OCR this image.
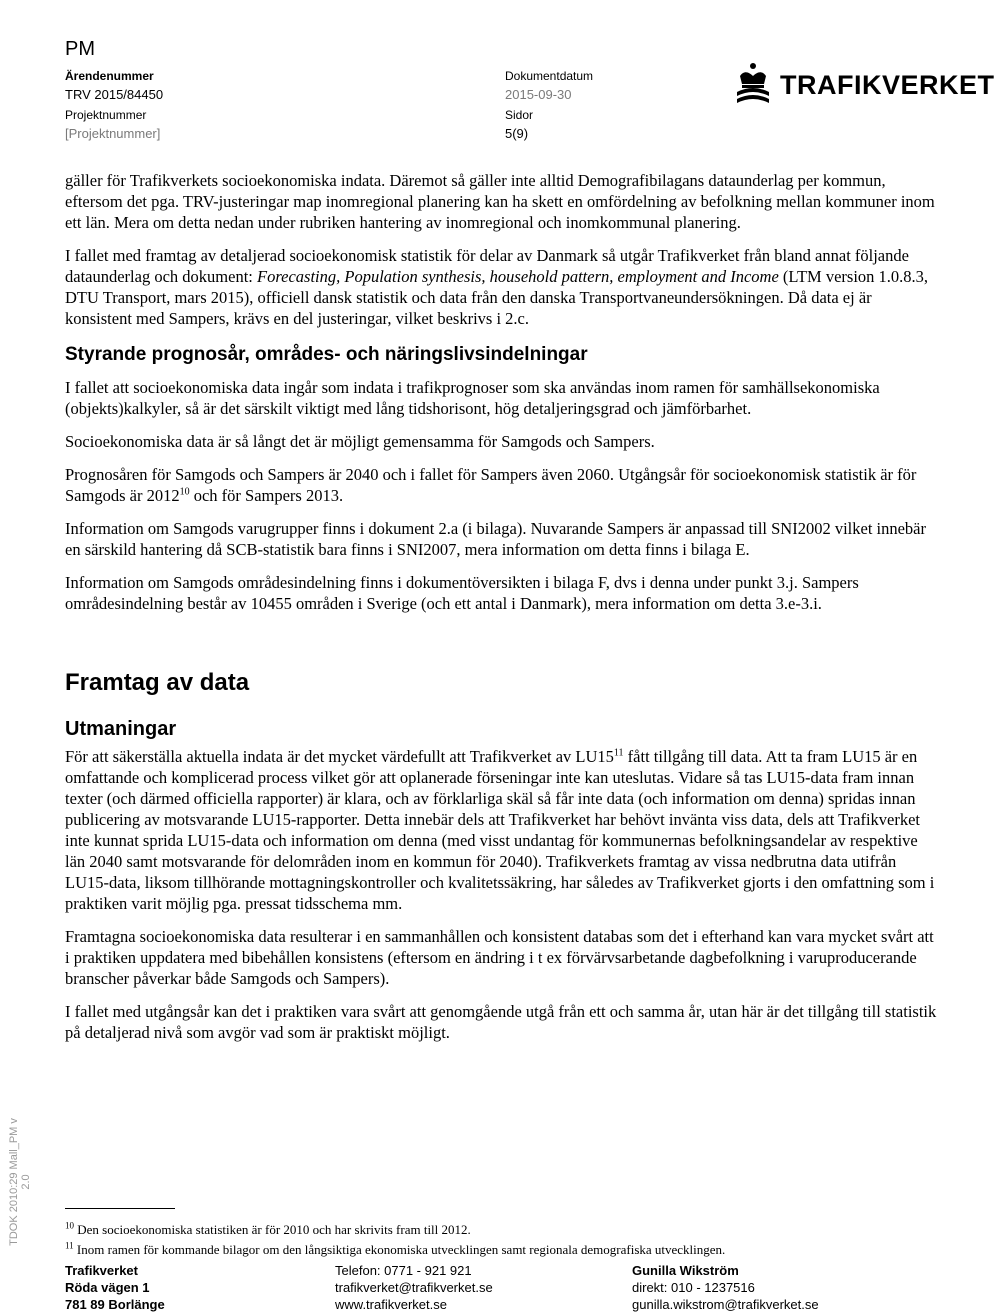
PM
Ärendenummer
TRV 2015/84450
Projektnummer
[Projektnummer]
Dokumentdatum
2015-09-30
Sidor
5(9)
TRAFIKVERKET

gäller för Trafikverkets socioekonomiska indata. Däremot så gäller inte alltid Demografibilagans dataunderlag per kommun, eftersom det pga. TRV-justeringar map inomregional planering kan ha skett en omfördelning av befolkning mellan kommuner inom ett län. Mera om detta nedan under rubriken hantering av inomregional och inomkommunal planering.

I fallet med framtag av detaljerad socioekonomisk statistik för delar av Danmark så utgår Trafikverket från bland annat följande dataunderlag och dokument: Forecasting, Population synthesis, household pattern, employment and Income (LTM version 1.0.8.3, DTU Transport, mars 2015), officiell dansk statistik och data från den danska Transportvaneundersökningen. Då data ej är konsistent med Sampers, krävs en del justeringar, vilket beskrivs i 2.c.

Styrande prognosår, områdes- och näringslivsindelningar

I fallet att socioekonomiska data ingår som indata i trafikprognoser som ska användas inom ramen för samhällsekonomiska (objekts)kalkyler, så är det särskilt viktigt med lång tidshorisont, hög detaljeringsgrad och jämförbarhet.

Socioekonomiska data är så långt det är möjligt gemensamma för Samgods och Sampers.

Prognosåren för Samgods och Sampers är 2040 och i fallet för Sampers även 2060. Utgångsår för socioekonomisk statistik är för Samgods är 2012$^{10}$ och för Sampers 2013.

Information om Samgods varugrupper finns i dokument 2.a (i bilaga). Nuvarande Sampers är anpassad till SNI2002 vilket innebär en särskild hantering då SCB-statistik bara finns i SNI2007, mera information om detta finns i bilaga E.

Information om Samgods områdesindelning finns i dokumentöversikten i bilaga F, dvs i denna under punkt 3.j. Sampers områdesindelning består av 10455 områden i Sverige (och ett antal i Danmark), mera information om detta 3.e-3.i.

Framtag av data
Utmaningar

För att säkerställa aktuella indata är det mycket värdefullt att Trafikverket av $LU15^{11}$ fått tillgång till data. Att ta fram LU15 är en omfattande och komplicerad process vilket gör att oplanerade förseningar inte kan uteslutas. Vidare så tas LU15-data fram innan texter (och därmed officiella rapporter) är klara, och av förklarliga skäl så får inte data (och information om denna) spridas innan publicering av motsvarande LU15-rapporter. Detta innebär dels att Trafikverket har behövt invänta viss data, dels att Trafikverket inte kunnat sprida LU15-data och information om denna (med visst undantag för kommunernas befolkningsandelar av respektive län 2040 samt motsvarande för delområden inom en kommun för 2040). Trafikverkets framtag av vissa nedbrutna data utifrån LU15-data, liksom tillhörande mottagningskontroller och kvalitetssäkring, har således av Trafikverket gjorts i den omfattning som i praktiken varit möjlig pga. pressat tidsschema mm.

Framtagna socioekonomiska data resulterar i en sammanhållen och konsistent databas som det i efterhand kan vara mycket svårt att i praktiken uppdatera med bibehållen konsistens (eftersom en ändring i t ex förvärvsarbetande dagbefolkning i varuproducerande branscher påverkar både Samgods och Sampers).

I fallet med utgångsår kan det i praktiken vara svårt att genomgående utgå från ett och samma år, utan här är det tillgång till statistik på detaljerad nivå som avgör vad som är praktiskt möjligt.

TDOK 2010:29 Mall_PM v 2.0
$^{10}$ Den socioekonomiska statistiken är för 2010 och har skrivits fram till 2012.
$^{11}$ Inom ramen för kommande bilagor om den långsiktiga ekonomiska utvecklingen samt regionala demografiska utvecklingen.
Trafikverket
Röda vägen 1
781 89 Borlänge
Telefon: 0771 - 921 921
trafikverket@trafikverket.se
www.trafikverket.se
Gunilla Wikström
direkt: 010 - 1237516
gunilla.wikstrom@trafikverket.se
